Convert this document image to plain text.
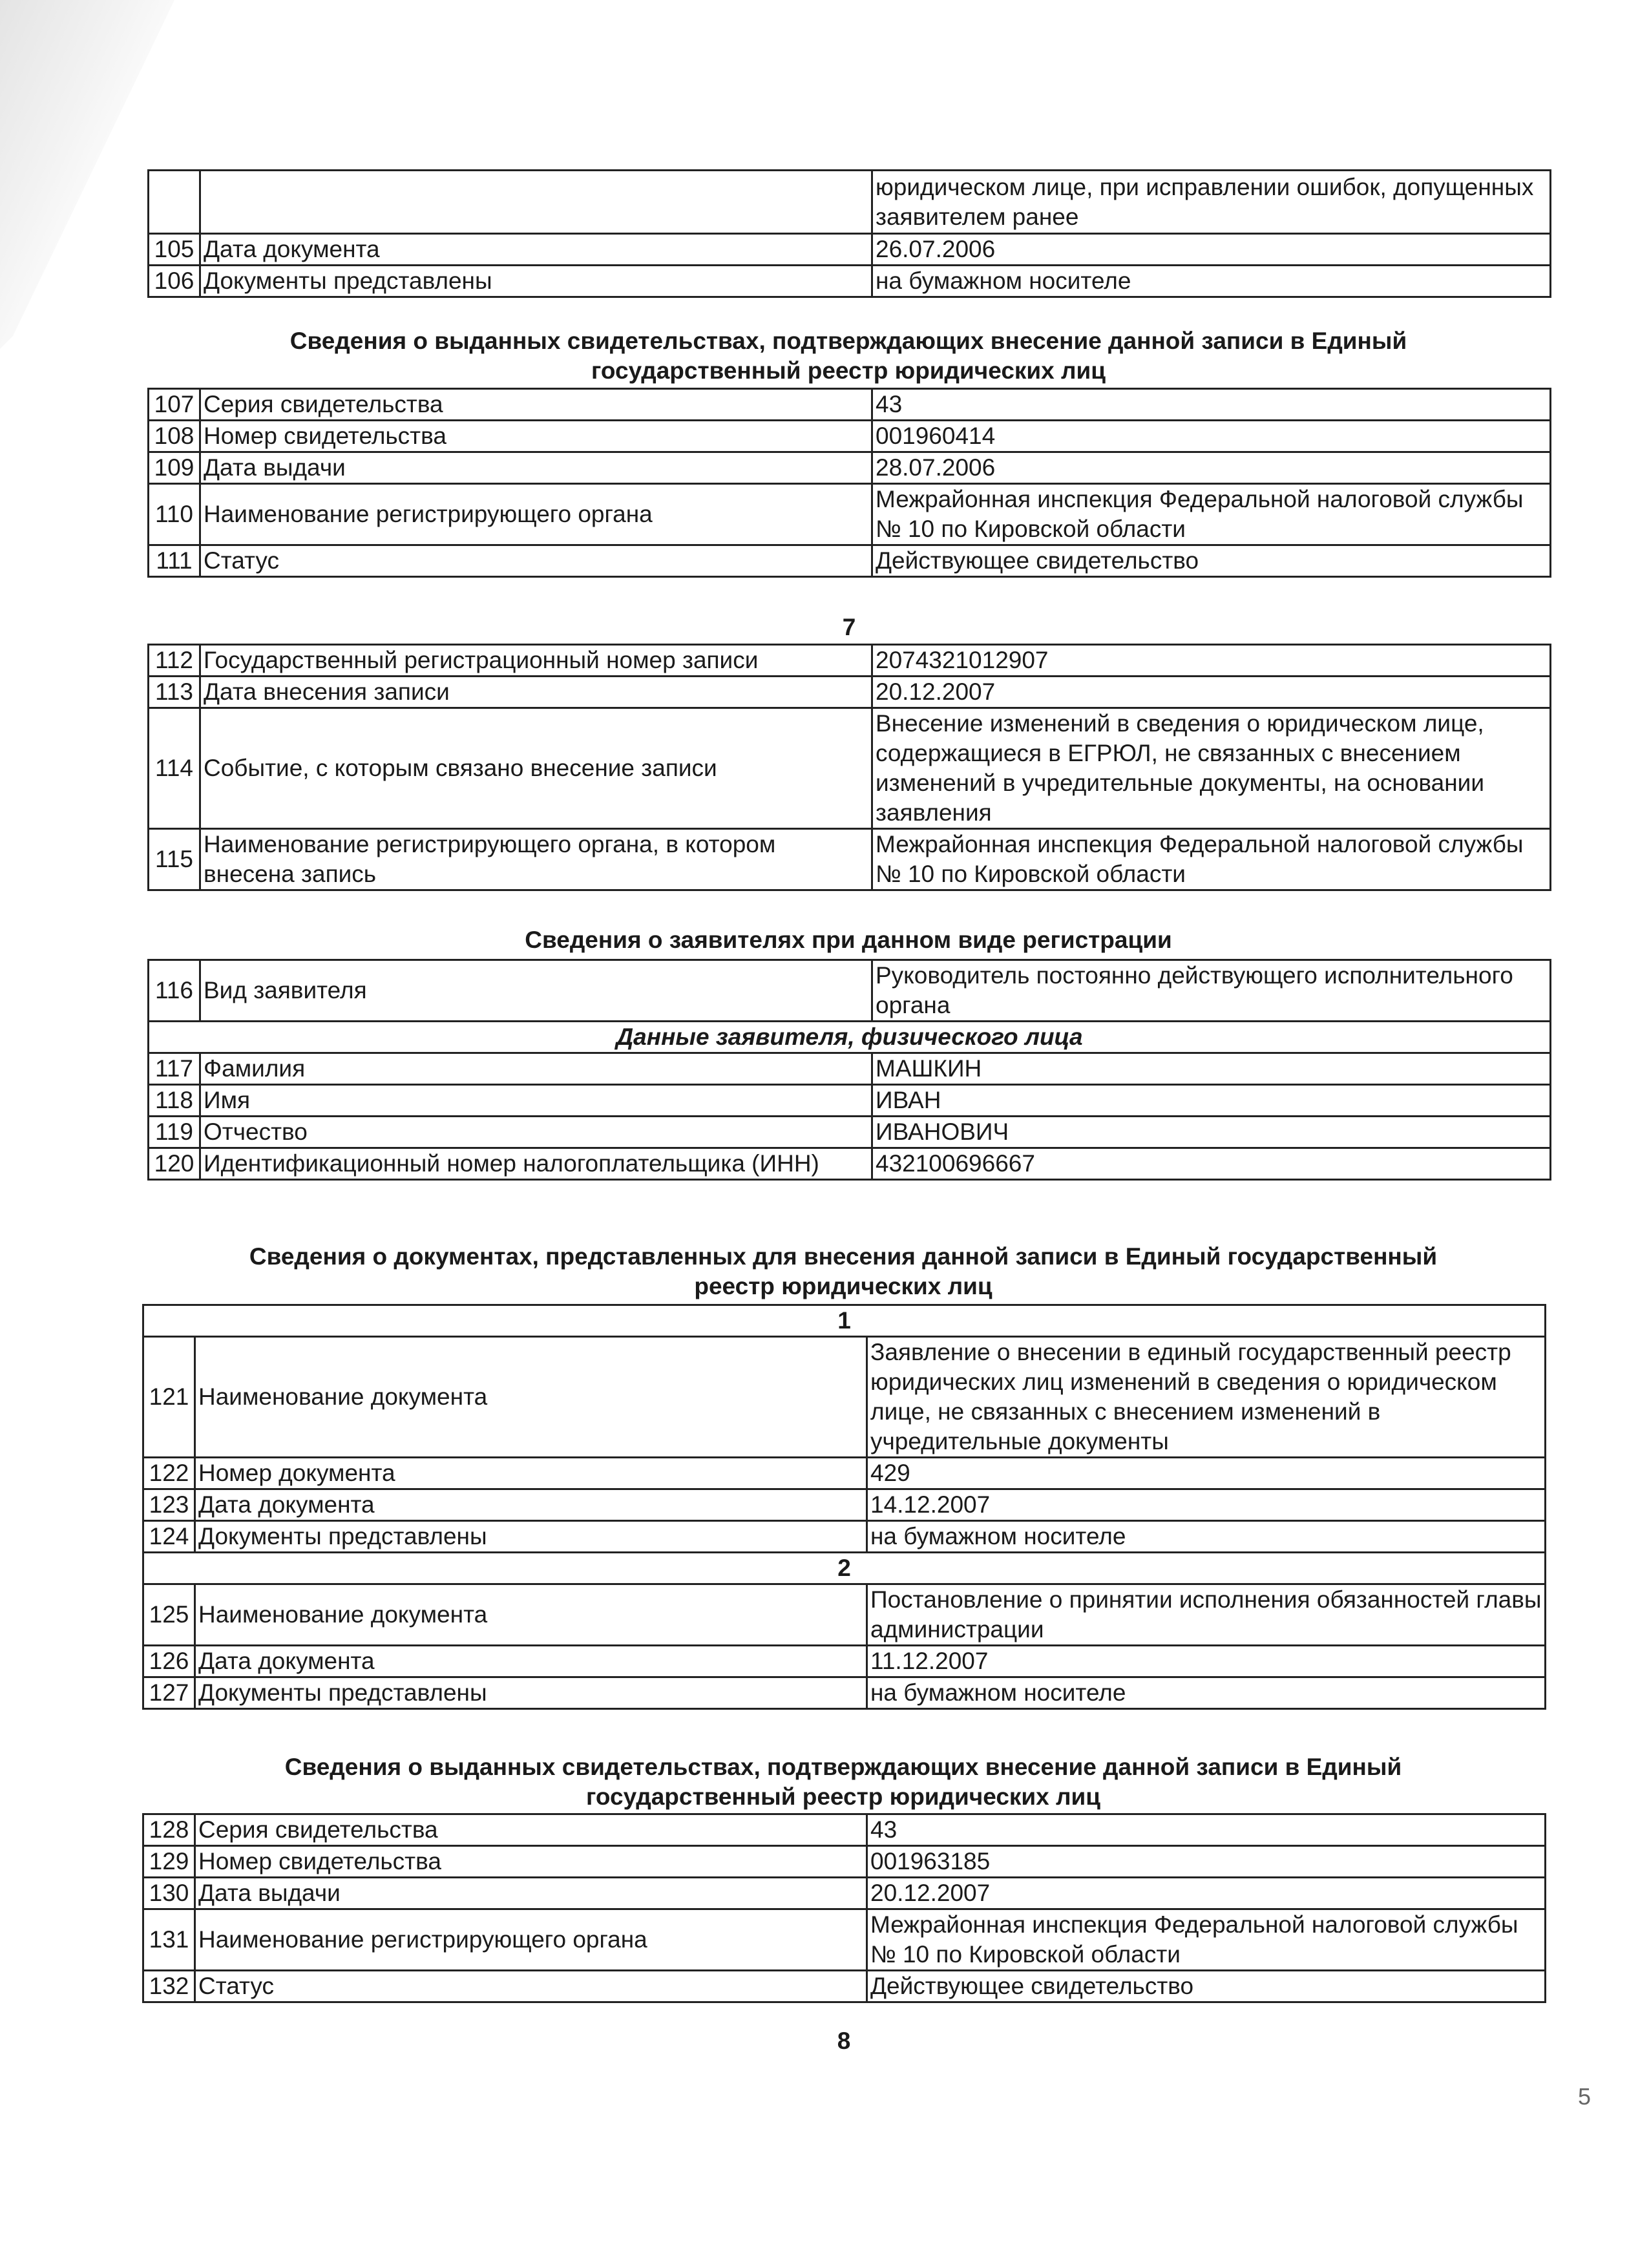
		юридическом лице, при исправлении ошибок, допущенных заявителем ранее
105	Дата документа	26.07.2006
106	Документы представлены	на бумажном носителе
Сведения о выданных свидетельствах, подтверждающих внесение данной записи в Единый
государственный реестр юридических лиц
107	Серия свидетельства	43
108	Номер свидетельства	001960414
109	Дата выдачи	28.07.2006
110	Наименование регистрирующего органа	Межрайонная инспекция Федеральной налоговой службы № 10 по Кировской области
111	Статус	Действующее свидетельство
7
112	Государственный регистрационный номер записи	2074321012907
113	Дата внесения записи	20.12.2007
114	Событие, с которым связано внесение записи	Внесение изменений в сведения о юридическом лице, содержащиеся в ЕГРЮЛ, не связанных с внесением изменений в учредительные документы, на основании заявления
115	Наименование регистрирующего органа, в котором внесена запись	Межрайонная инспекция Федеральной налоговой службы № 10 по Кировской области
Сведения о заявителях при данном виде регистрации
116	Вид заявителя	Руководитель постоянно действующего исполнительного органа
Данные заявителя, физического лица		
117	Фамилия	МАШКИН
118	Имя	ИВАН
119	Отчество	ИВАНОВИЧ
120	Идентификационный номер налогоплательщика (ИНН)	432100696667
Сведения о документах, представленных для внесения данной записи в Единый государственный
реестр юридических лиц
1		
121	Наименование документа	Заявление о внесении в единый государственный реестр юридических лиц изменений в сведения о юридическом лице, не связанных с внесением изменений в учредительные документы
122	Номер документа	429
123	Дата документа	14.12.2007
124	Документы представлены	на бумажном носителе
2		
125	Наименование документа	Постановление о принятии исполнения обязанностей главы администрации
126	Дата документа	11.12.2007
127	Документы представлены	на бумажном носителе
Сведения о выданных свидетельствах, подтверждающих внесение данной записи в Единый
государственный реестр юридических лиц
128	Серия свидетельства	43
129	Номер свидетельства	001963185
130	Дата выдачи	20.12.2007
131	Наименование регистрирующего органа	Межрайонная инспекция Федеральной налоговой службы № 10 по Кировской области
132	Статус	Действующее свидетельство
8
5
